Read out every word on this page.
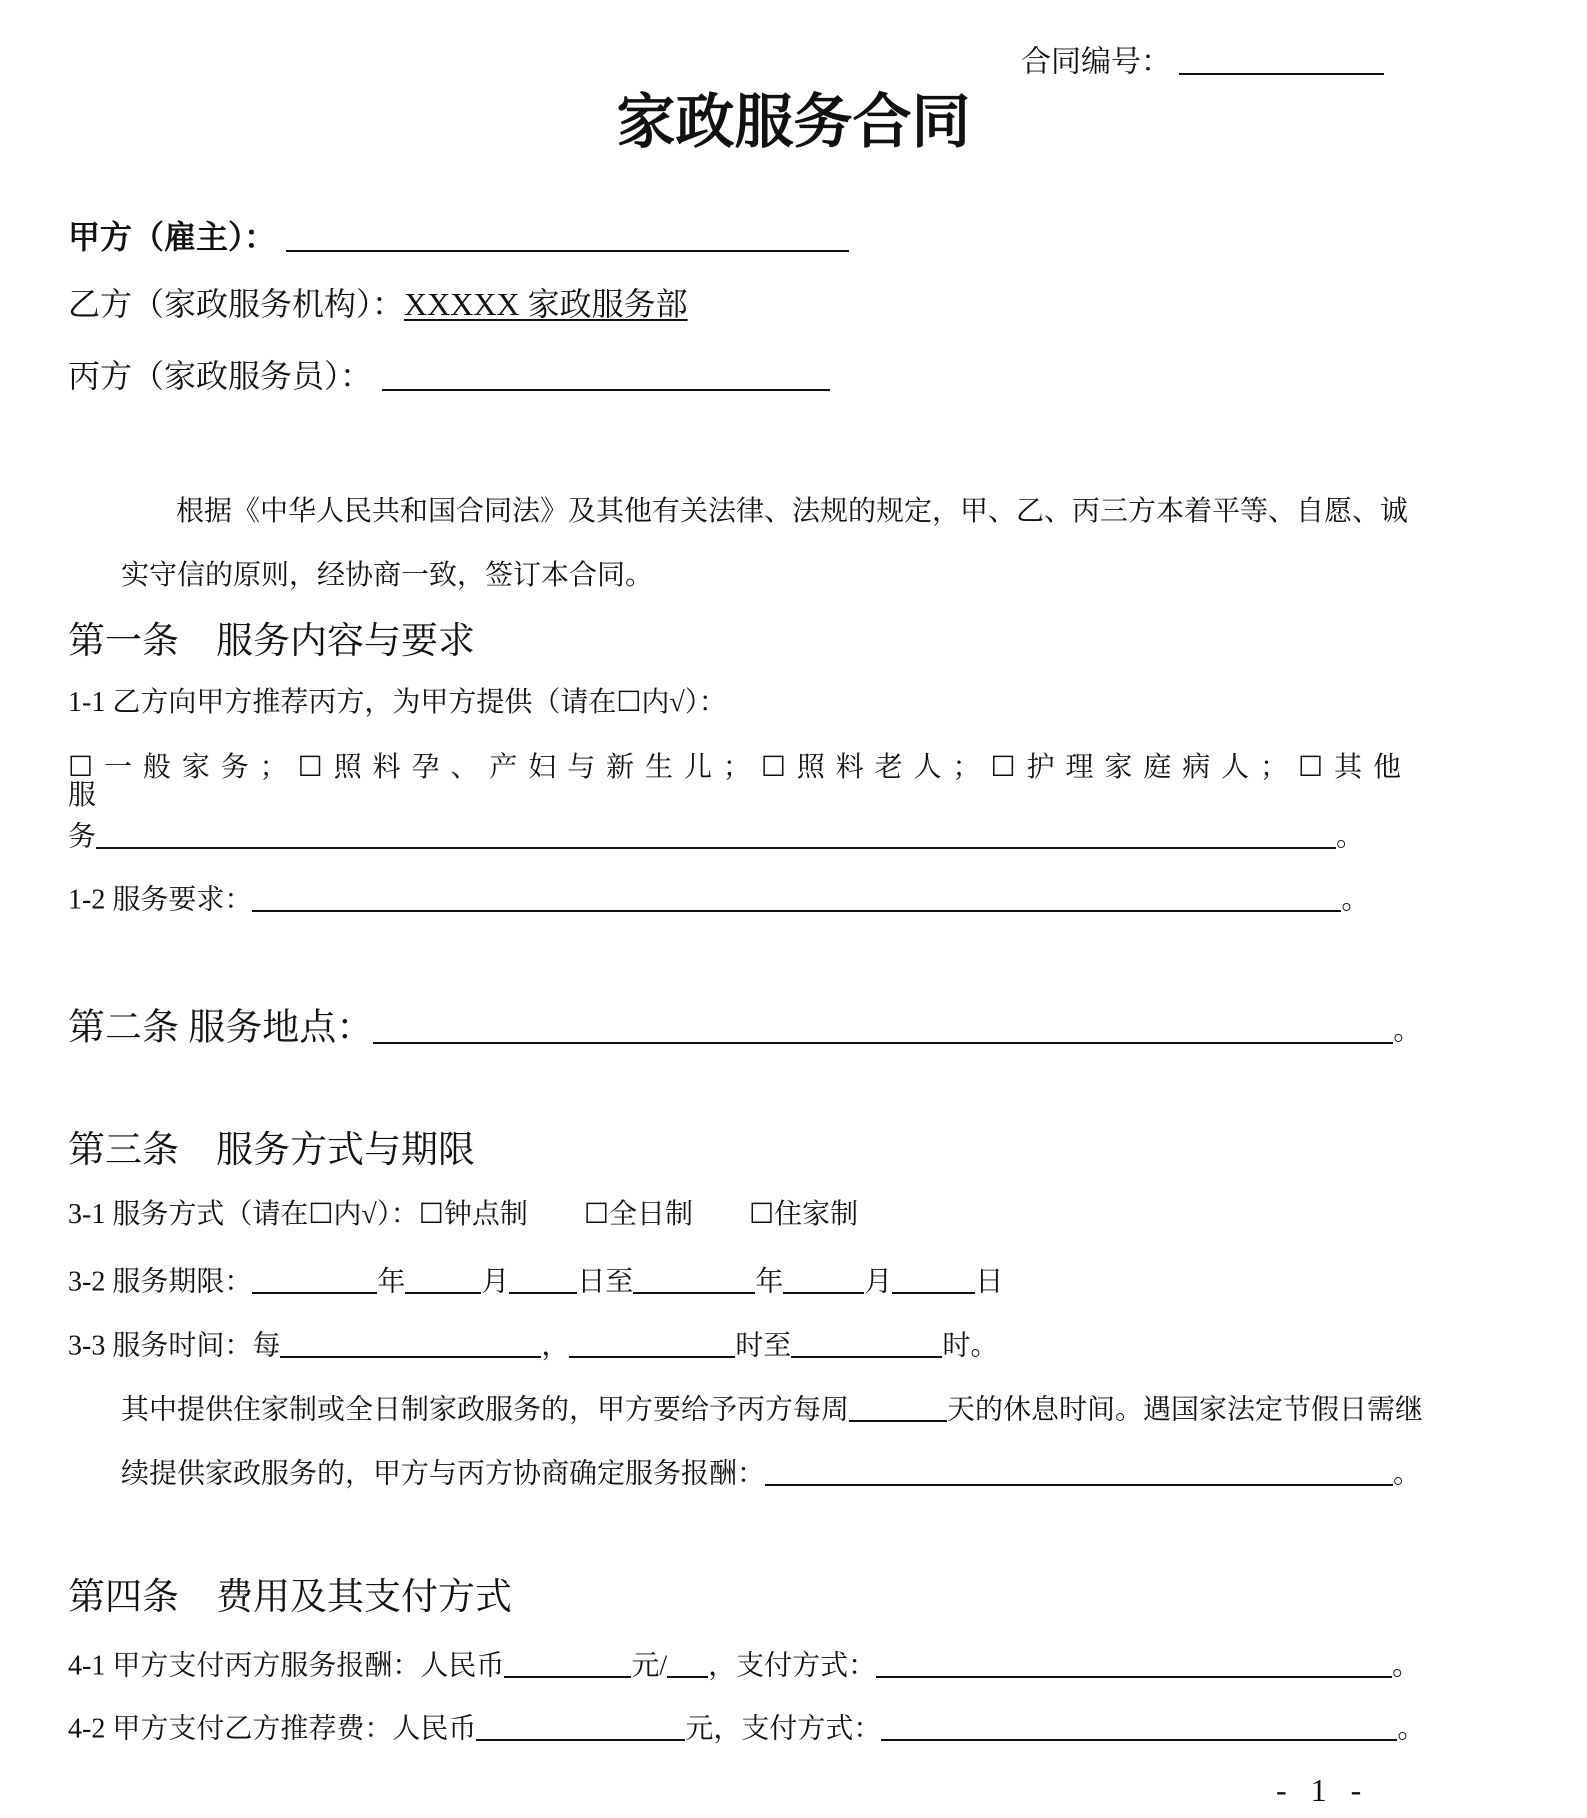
合同编号：
家政服务合同
甲方（雇主）：
乙方（家政服务机构）：XXXXX 家政服务部
丙方（家政服务员）：
根据《中华人民共和国合同法》及其他有关法律、法规的规定，甲、乙、丙三方本着平等、自愿、诚
实守信的原则，经协商一致，签订本合同。
第一条　服务内容与要求
1-1 乙方向甲方推荐丙方，为甲方提供（请在☐内√）：
☐一般家务；☐照料孕、产妇与新生儿；☐照料老人；☐护理家庭病人；☐其他服
务	。
1-2 服务要求：	。
第二条 服务地点：	。
第三条　服务方式与期限
3-1 服务方式（请在☐内√）：☐钟点制　　☐全日制　　☐住家制
3-2 服务期限：	年	月 日至	年	月	日
3-3 服务时间：每	，	时至	时。
其中提供住家制或全日制家政服务的，甲方要给予丙方每周	天的休息时间。遇国家法定节假日需继
续提供家政服务的，甲方与丙方协商确定服务报酬：	。
第四条　费用及其支付方式
4-1 甲方支付丙方服务报酬：人民币	元/ ，支付方式：	。
4-2 甲方支付乙方推荐费：人民币	元，支付方式：	。
- 1 -
